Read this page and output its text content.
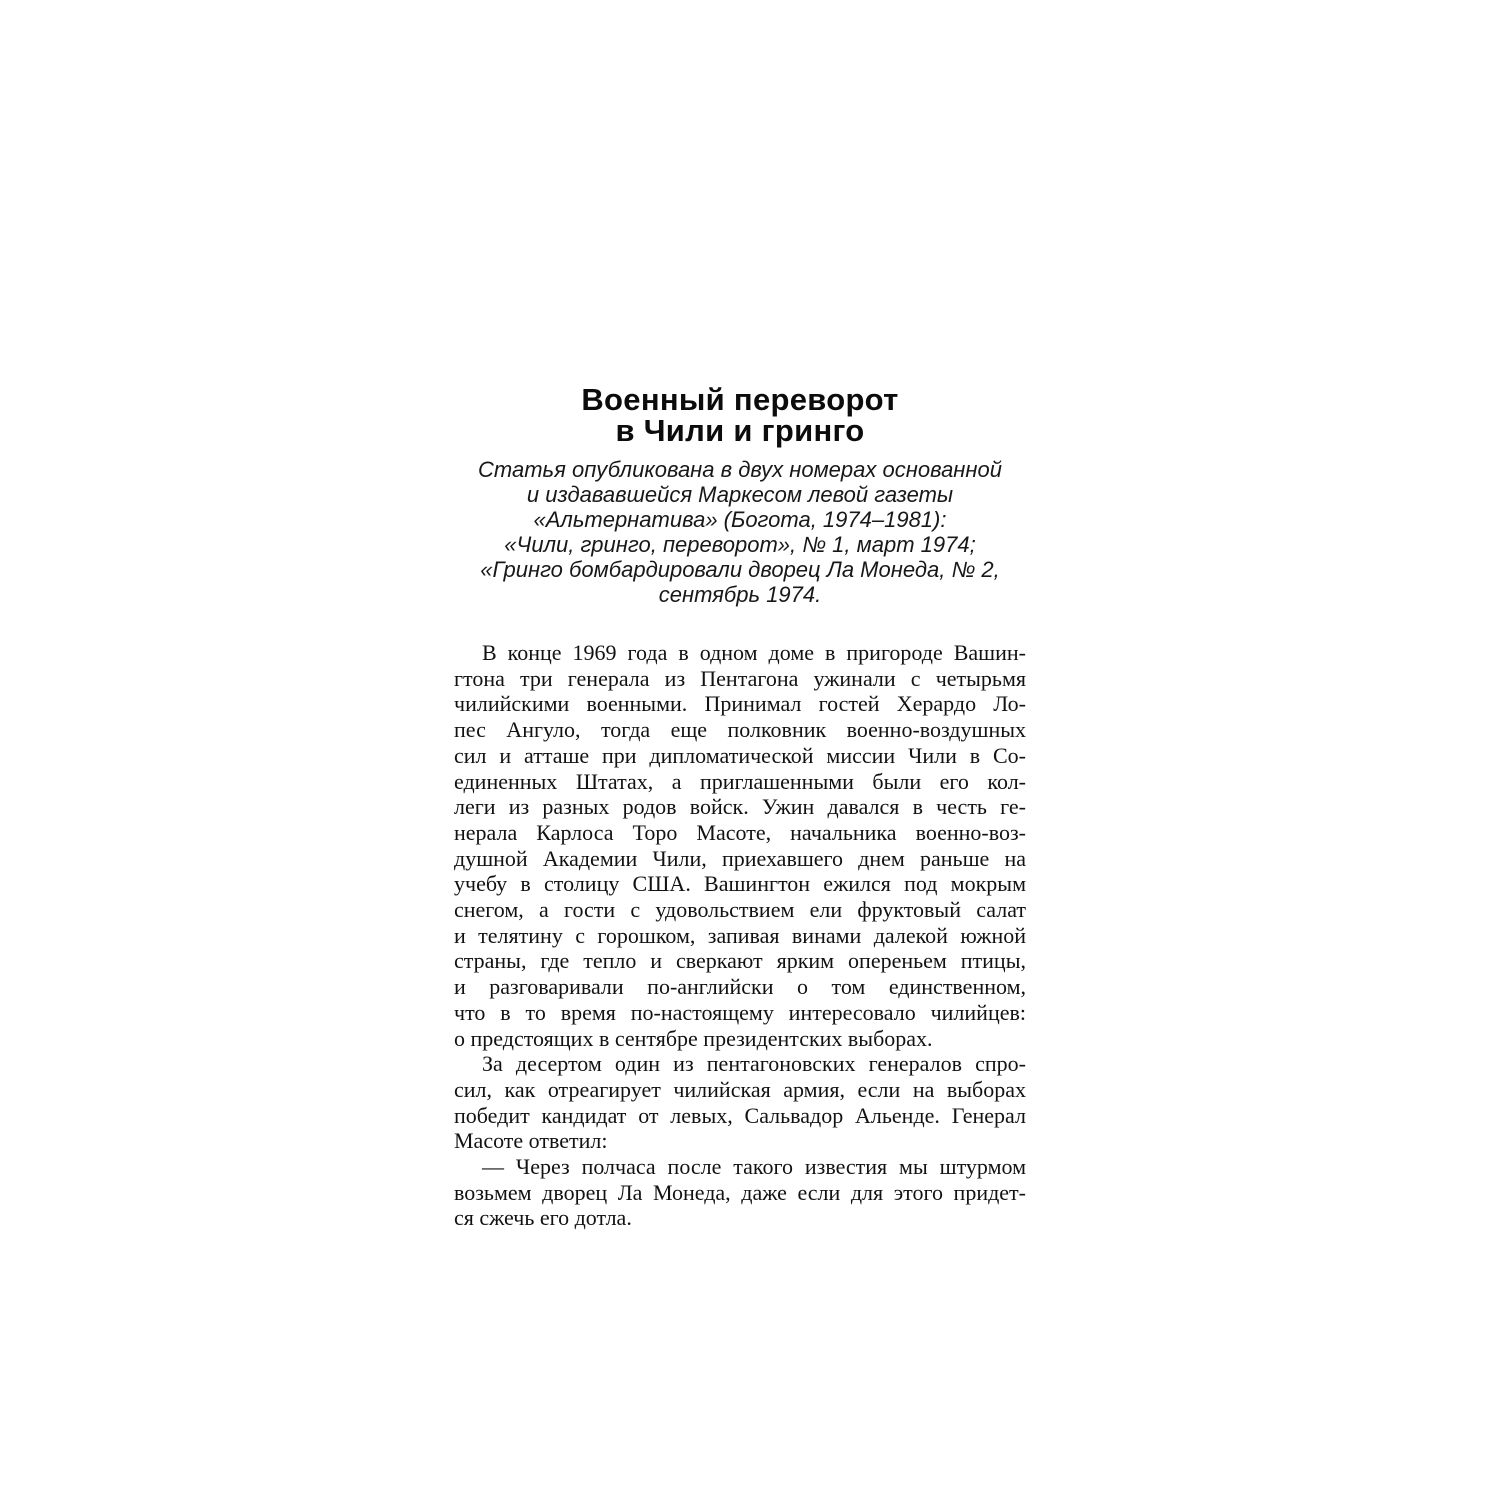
Военный переворот
в Чили и гринго
Статья опубликована в двух номерах основанной
и издававшейся Маркесом левой газеты
«Альтернатива» (Богота, 1974–1981):
«Чили, гринго, переворот», № 1, март 1974;
«Гринго бомбардировали дворец Ла Монеда, № 2,
сентябрь 1974.
В конце 1969 года в одном доме в пригороде Вашин-
гтона три генерала из Пентагона ужинали с четырьмя
чилийскими военными. Принимал гостей Херардо Ло-
пес Ангуло, тогда еще полковник военно-воздушных
сил и атташе при дипломатической миссии Чили в Со-
единенных Штатах, а приглашенными были его кол-
леги из разных родов войск. Ужин давался в честь ге-
нерала Карлоса Торо Масоте, начальника военно-воз-
душной Академии Чили, приехавшего днем раньше на
учебу в столицу США. Вашингтон ежился под мокрым
снегом, а гости с удовольствием ели фруктовый салат
и телятину с горошком, запивая винами далекой южной
страны, где тепло и сверкают ярким опереньем птицы,
и разговаривали по-английски о том единственном,
что в то время по-настоящему интересовало чилийцев:
о предстоящих в сентябре президентских выборах.
За десертом один из пентагоновских генералов спро-
сил, как отреагирует чилийская армия, если на выборах
победит кандидат от левых, Сальвадор Альенде. Генерал
Масоте ответил:
— Через полчаса после такого известия мы штурмом
возьмем дворец Ла Монеда, даже если для этого придет-
ся сжечь его дотла.
